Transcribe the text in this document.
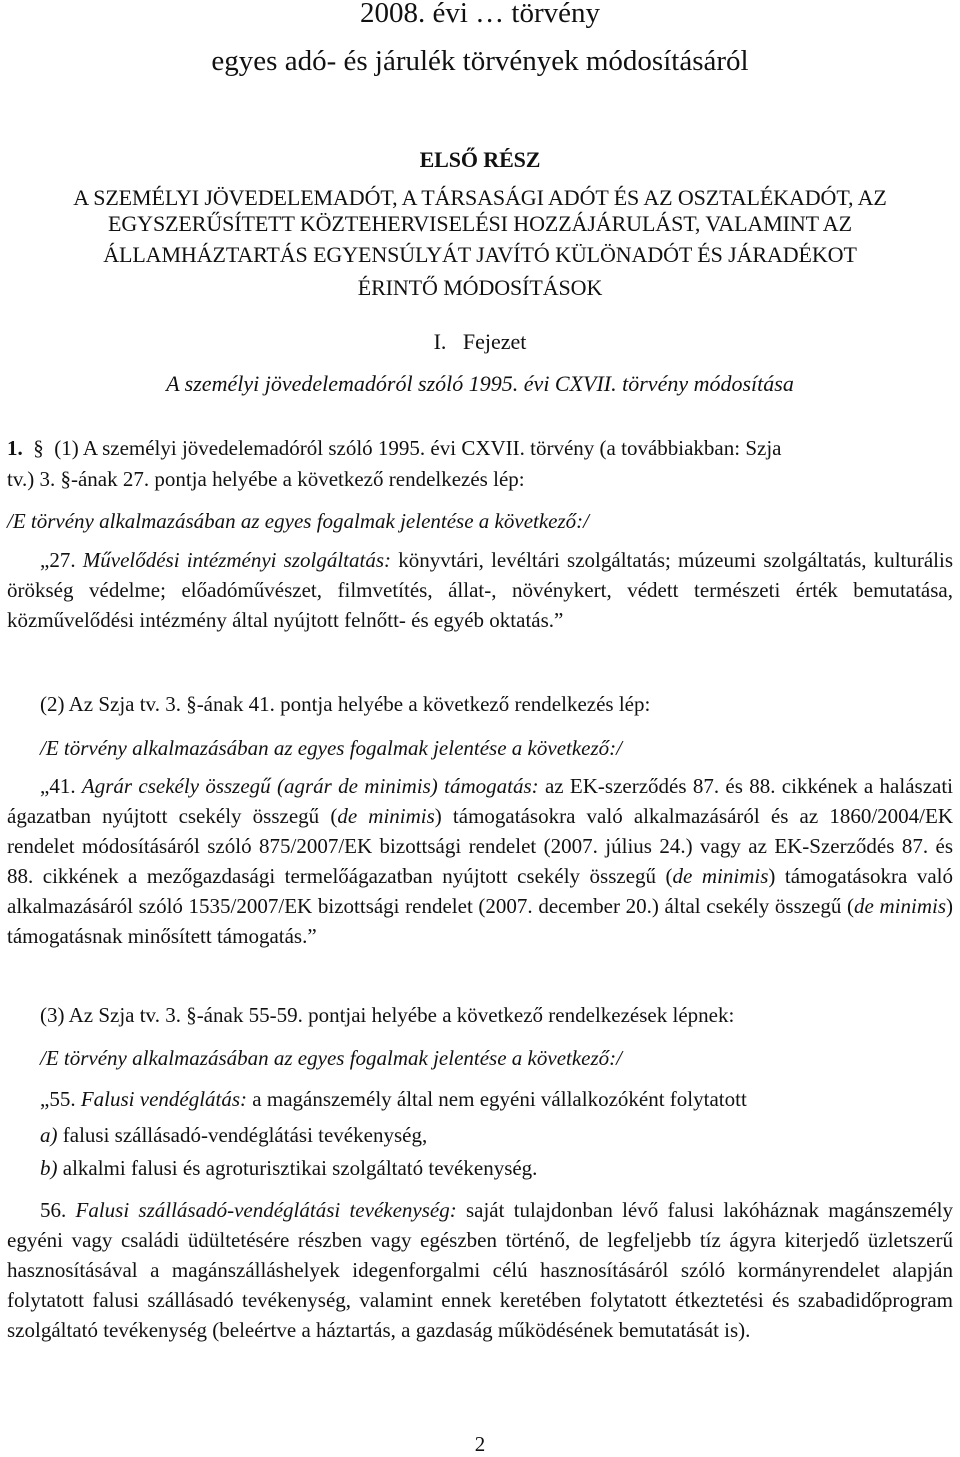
2008. évi … törvény
egyes adó- és járulék törvények módosításáról
ELSŐ RÉSZ
A SZEMÉLYI JÖVEDELEMADÓT, A TÁRSASÁGI ADÓT ÉS AZ OSZTALÉKADÓT, AZ
EGYSZERŰSÍTETT KÖZTEHERVISELÉSI HOZZÁJÁRULÁST, VALAMINT AZ
ÁLLAMHÁZTARTÁS EGYENSÚLYÁT JAVÍTÓ KÜLÖNADÓT ÉS JÁRADÉKOT
ÉRINTŐ MÓDOSÍTÁSOK
I. Fejezet
A személyi jövedelemadóról szóló 1995. évi CXVII. törvény módosítása
1. § (1) A személyi jövedelemadóról szóló 1995. évi CXVII. törvény (a továbbiakban: Szja
tv.) 3. §-ának 27. pontja helyébe a következő rendelkezés lép:
/E törvény alkalmazásában az egyes fogalmak jelentése a következő:/
„27. Művelődési intézményi szolgáltatás: könyvtári, levéltári szolgáltatás; múzeumi szolgáltatás, kulturális örökség védelme; előadóművészet, filmvetítés, állat-, növénykert, védett természeti érték bemutatása, közművelődési intézmény által nyújtott felnőtt- és egyéb oktatás.”
(2) Az Szja tv. 3. §-ának 41. pontja helyébe a következő rendelkezés lép:
/E törvény alkalmazásában az egyes fogalmak jelentése a következő:/
„41. Agrár csekély összegű (agrár de minimis) támogatás: az EK-szerződés 87. és 88. cikkének a halászati ágazatban nyújtott csekély összegű (de minimis) támogatásokra való alkalmazásáról és az 1860/2004/EK rendelet módosításáról szóló 875/2007/EK bizottsági rendelet (2007. július 24.) vagy az EK-Szerződés 87. és 88. cikkének a mezőgazdasági termelőágazatban nyújtott csekély összegű (de minimis) támogatásokra való alkalmazásáról szóló 1535/2007/EK bizottsági rendelet (2007. december 20.) által csekély összegű (de minimis) támogatásnak minősített támogatás.”
(3) Az Szja tv. 3. §-ának 55-59. pontjai helyébe a következő rendelkezések lépnek:
/E törvény alkalmazásában az egyes fogalmak jelentése a következő:/
„55. Falusi vendéglátás: a magánszemély által nem egyéni vállalkozóként folytatott
a) falusi szállásadó-vendéglátási tevékenység,
b) alkalmi falusi és agroturisztikai szolgáltató tevékenység.
56. Falusi szállásadó-vendéglátási tevékenység: saját tulajdonban lévő falusi lakóháznak magánszemély egyéni vagy családi üdültetésére részben vagy egészben történő, de legfeljebb tíz ágyra kiterjedő üzletszerű hasznosításával a magánszálláshelyek idegenforgalmi célú hasznosításáról szóló kormányrendelet alapján folytatott falusi szállásadó tevékenység, valamint ennek keretében folytatott étkeztetési és szabadidőprogram szolgáltató tevékenység (beleértve a háztartás, a gazdaság működésének bemutatását is).
2
